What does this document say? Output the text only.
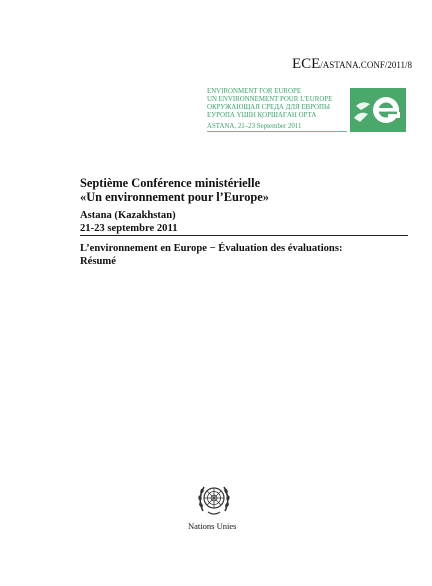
ECE/ASTANA.CONF/2011/8
ENVIRONMENT FOR EUROPE
UN ENVIRONNEMENT POUR L'EUROPE
ОКРУЖАЮЩАЯ СРЕДА ДЛЯ ЕВРОПЫ
ЕУРОПА ҮШІН ҚОРШАҒАН ОРТА
ASTANA, 21–23 September 2011
Septième Conférence ministérielle
«Un environnement pour l’Europe»
Astana (Kazakhstan)
21-23 septembre 2011
L’environnement en Europe − Évaluation des évaluations:
Résumé
Nations Unies
